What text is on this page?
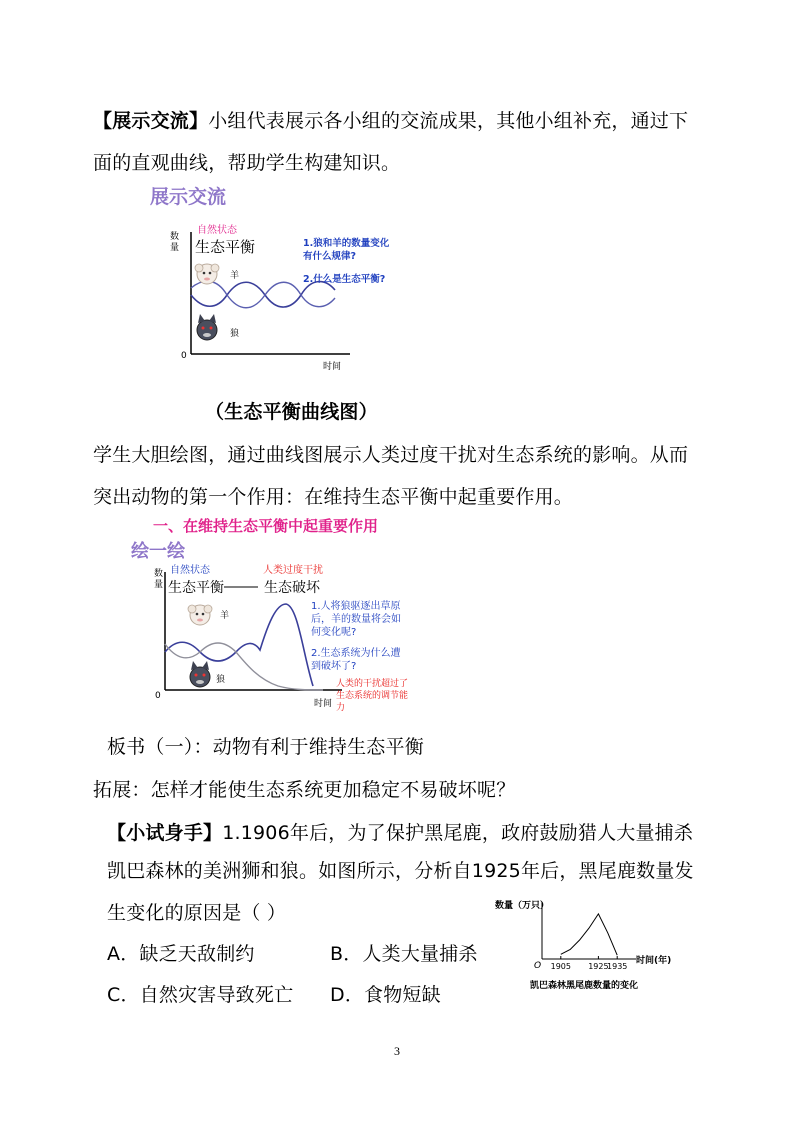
【展示交流】小组代表展示各小组的交流成果，其他小组补充，通过下
面的直观曲线，帮助学生构建知识。
展示交流
自然状态
数
量 生态平衡
0
时间
羊
狼
1.狼和羊的数量变化
有什么规律?
2.什么是生态平衡?
（生态平衡曲线图）
学生大胆绘图，通过曲线图展示人类过度干扰对生态系统的影响。从而
突出动物的第一个作用：在维持生态平衡中起重要作用。
一、在维持生态平衡中起重要作用
绘一绘
自然状态	人类过度干扰
数
量 生态平衡	生态破坏
0
时间
羊
狼
1.人将狼驱逐出草原
后，羊的数量将会如
何变化呢?
2.生态系统为什么遭
到破坏了?
人类的干扰超过了
生态系统的调节能
力
板书（一）：动物有利于维持生态平衡
拓展：怎样才能使生态系统更加稳定不易破坏呢？
【小试身手】1.1906年后，为了保护黑尾鹿，政府鼓励猎人大量捕杀
凯巴森林的美洲狮和狼。如图所示，分析自1925年后，黑尾鹿数量发
生变化的原因是（ ）
A．缺乏天敌制约	B．人类大量捕杀
C．自然灾害导致死亡 D．食物短缺
数量（万只）
O 1905 1925
1935
时间(年)
凯巴森林黑尾鹿数量的变化
3
